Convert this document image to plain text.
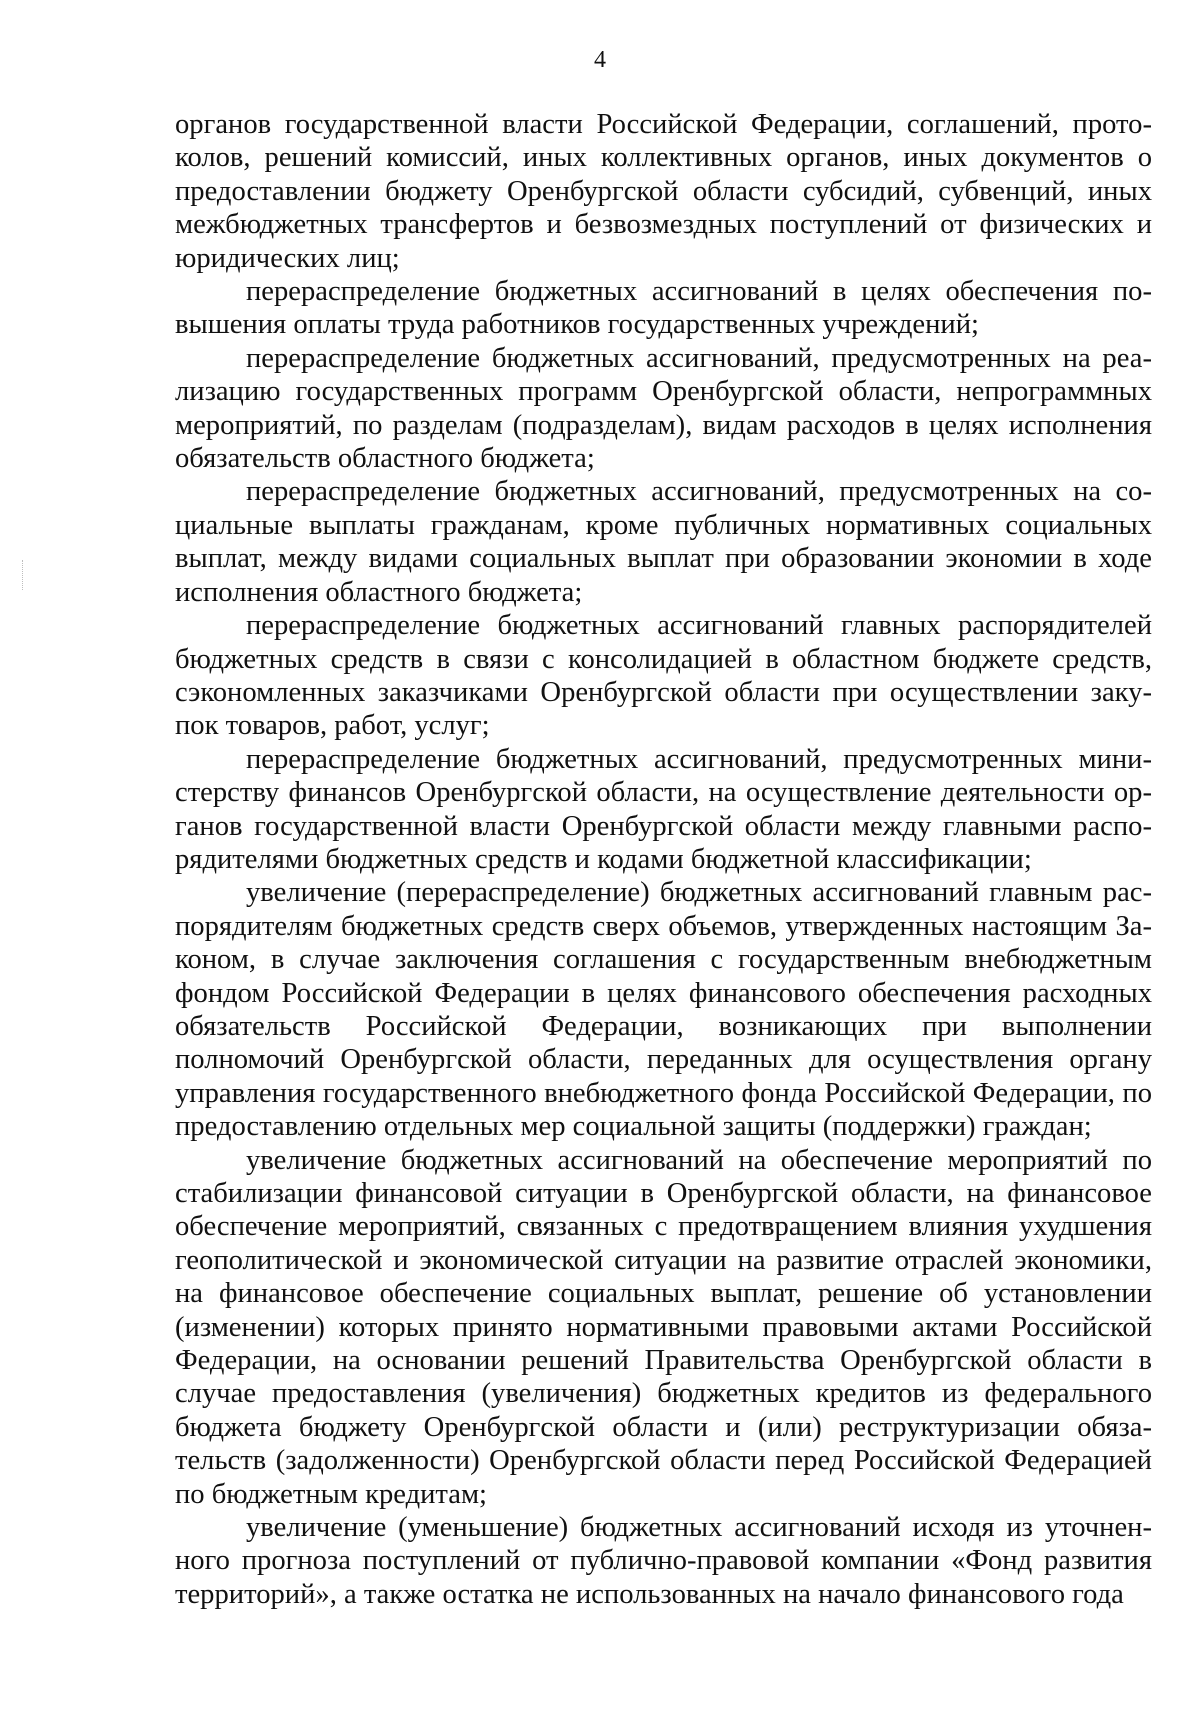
4

органов государственной власти Российской Федерации, соглашений, протоколов, решений комиссий, иных коллективных органов, иных документов о предоставлении бюджету Оренбургской области субсидий, субвенций, иных межбюджетных трансфертов и безвозмездных поступлений от физических и юридических лиц;

перераспределение бюджетных ассигнований в целях обеспечения повышения оплаты труда работников государственных учреждений;

перераспределение бюджетных ассигнований, предусмотренных на реализацию государственных программ Оренбургской области, непрограммных мероприятий, по разделам (подразделам), видам расходов в целях исполнения обязательств областного бюджета;

перераспределение бюджетных ассигнований, предусмотренных на социальные выплаты гражданам, кроме публичных нормативных социальных выплат, между видами социальных выплат при образовании экономии в ходе исполнения областного бюджета;

перераспределение бюджетных ассигнований главных распорядителей бюджетных средств в связи с консолидацией в областном бюджете средств, сэкономленных заказчиками Оренбургской области при осуществлении закупок товаров, работ, услуг;

перераспределение бюджетных ассигнований, предусмотренных министерству финансов Оренбургской области, на осуществление деятельности органов государственной власти Оренбургской области между главными распорядителями бюджетных средств и кодами бюджетной классификации;

увеличение (перераспределение) бюджетных ассигнований главным распорядителям бюджетных средств сверх объемов, утвержденных настоящим Законом, в случае заключения соглашения с государственным внебюджетным фондом Российской Федерации в целях финансового обеспечения расходных обязательств Российской Федерации, возникающих при выполнении полномочий Оренбургской области, переданных для осуществления органу управления государственного внебюджетного фонда Российской Федерации, по предоставлению отдельных мер социальной защиты (поддержки) граждан;

увеличение бюджетных ассигнований на обеспечение мероприятий по стабилизации финансовой ситуации в Оренбургской области, на финансовое обеспечение мероприятий, связанных с предотвращением влияния ухудшения геополитической и экономической ситуации на развитие отраслей экономики, на финансовое обеспечение социальных выплат, решение об установлении (изменении) которых принято нормативными правовыми актами Российской Федерации, на основании решений Правительства Оренбургской области в случае предоставления (увеличения) бюджетных кредитов из федерального бюджета бюджету Оренбургской области и (или) реструктуризации обязательств (задолженности) Оренбургской области перед Российской Федерацией по бюджетным кредитам;

увеличение (уменьшение) бюджетных ассигнований исходя из уточненного прогноза поступлений от публично-правовой компании «Фонд развития территорий», а также остатка не использованных на начало финансового года
